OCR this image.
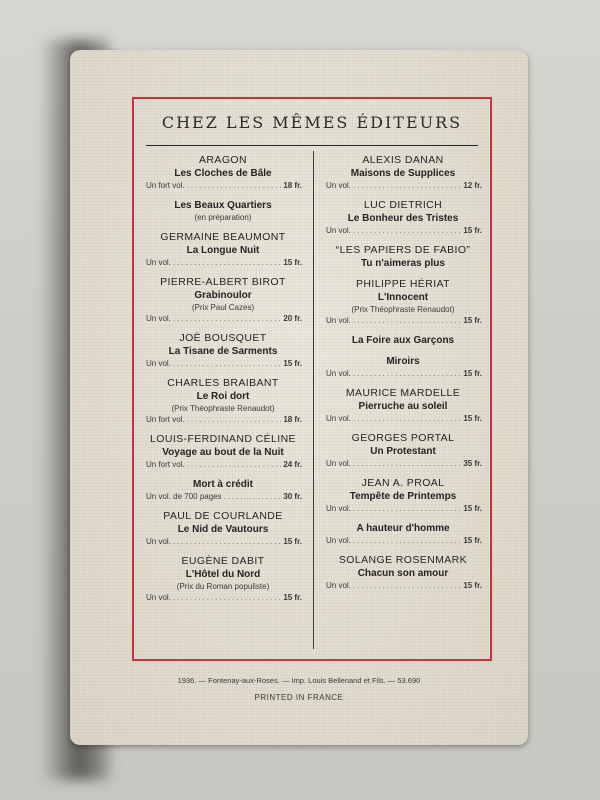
CHEZ LES MÊMES ÉDITEURS
ARAGON
Les Cloches de Bâle
Un fort vol. .....	18 fr.
Les Beaux Quartiers
(en préparation)
GERMAINE BEAUMONT
La Longue Nuit
Un vol. .....	15 fr.
PIERRE-ALBERT BIROT
Grabinoulor
(Prix Paul Cazes)
Un vol. .....	20 fr.
JOË BOUSQUET
La Tisane de Sarments
Un vol. .....	15 fr.
CHARLES BRAIBANT
Le Roi dort
(Prix Théophraste Renaudot)
Un fort vol. .....	18 fr.
LOUIS-FERDINAND CÉLINE
Voyage au bout de la Nuit
Un fort vol. .....	24 fr.
Mort à crédit
Un vol. de 700 pages .....	30 fr.
PAUL DE COURLANDE
Le Nid de Vautours
Un vol. .....	15 fr.
EUGÈNE DABIT
L'Hôtel du Nord
(Prix du Roman populiste)
Un vol. .....	15 fr.
ALEXIS DANAN
Maisons de Supplices
Un vol. .....	12 fr.
LUC DIETRICH
Le Bonheur des Tristes
Un vol. .....	15 fr.
“LES PAPIERS DE FABIO”
Tu n'aimeras plus
PHILIPPE HÉRIAT
L'Innocent
(Prix Théophraste Renaudot)
Un vol. .....	15 fr.
La Foire aux Garçons
Miroirs
Un vol. .....	15 fr.
MAURICE MARDELLE
Pierruche au soleil
Un vol. .....	15 fr.
GEORGES PORTAL
Un Protestant
Un vol. .....	35 fr.
JEAN A. PROAL
Tempête de Printemps
Un vol. .....	15 fr.
A hauteur d'homme
Un vol. .....	15 fr.
SOLANGE ROSENMARK
Chacun son amour
Un vol. .....	15 fr.
1936. — Fontenay-aux-Roses. — Imp. Louis Bellenand et Fils. — 53.690
PRINTED IN FRANCE
